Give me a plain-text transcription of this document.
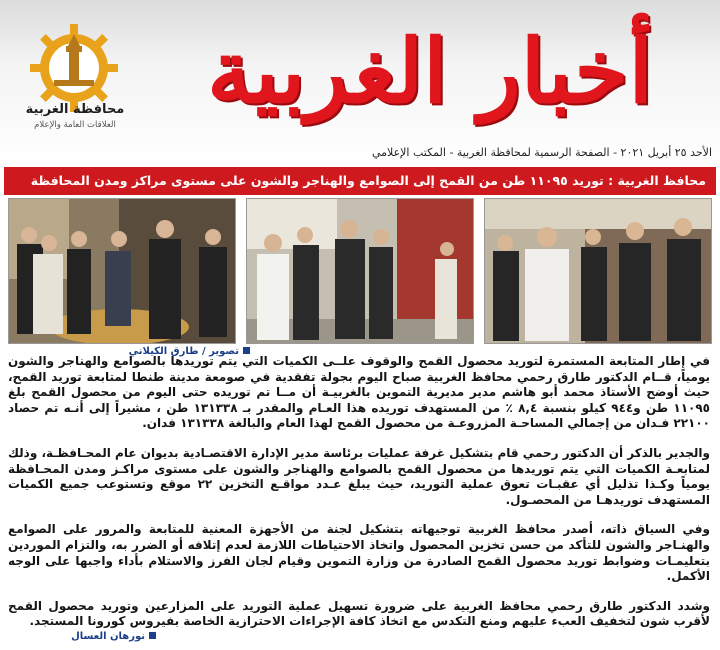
محافظة الغربية
العلاقات العامة والإعلام
أخبار الغربية
الأحد ٢٥ أبريل ٢٠٢١ - الصفحة الرسمية لمحافظة الغربية - المكتب الإعلامي
محافظ الغربية : توريد ١١٠٩٥ طن من القمح إلى الصوامع والهناجر والشون على مستوى مراكز ومدن المحافظة
تصوير / طارق الكيلاني

في إطار المتابعة المستمرة لتوريد محصول القمح والوقوف علــى الكميات التي يتم توريدها بالصوامع والهناجر والشون يومياً، قــام الدكتور طارق رحمي محافظ الغربية صباح اليوم بجولة تفقدية في صومعة مدينة طنطا لمتابعة توريد القمح، حيث أوضح الأستاذ محمد أبو هاشم مدير مديرية التموين بالغربيـة أن مــا تم توريده حتى اليوم من محصول القمح بلغ ١١٠٩٥ طن و٩٤٤ كيلو بنسبة ٨,٤ ٪ من المستهدف توريده هذا العـام والمقدر بـ ١٣١٣٣٨ طن ، مشيراً إلى أنـه تم حصاد ٢٢١٠٠ فـدان من إجمالي المساحـة المزروعـة من محصول القمح لهذا العام والبالغة ١٣١٣٣٨ فدان.

والجدير بالذكر أن الدكتور رحمي قام بتشكيل غرفة عمليات برئاسة مدير الإدارة الاقتصـادية بديوان عام المحـافظـة، وذلك لمتابعـة الكميات التي يتم توريدها من محصول القمح بالصوامع والهناجر والشون على مستوى مراكـز ومدن المحـافظة يومياً وكـذا تذليل أي عقبـات تعوق عملية التوريد، حيث يبلغ عـدد مواقـع التخزين ٢٢ موقع وتستوعب جميع الكميات المستهدف توريدهـا من المحصـول.

وفي السياق ذاته، أصدر محافظ الغربية توجيهاته بتشكيل لجنة من الأجهزة المعنية للمتابعة والمرور على الصوامع والهنـاجر والشون للتأكد من حسن تخزين المحصول واتخاذ الاحتياطات اللازمة لعدم إتلافه أو الضرر به، والتزام الموردين بتعليمـات وضوابط توريد محصول القمح الصادرة من وزارة التموين وقيام لجان الفرز والاستلام بأداء واجبها على الوجه الأكمل.

وشدد الدكتور طارق رحمي محافظ الغربية على ضرورة تسهيل عملية التوريد على المزارعين وتوريد محصول القمح لأقرب شون لتخفيف العبء عليهم ومنع التكدس مع اتخاذ كافة الإجراءات الاحترازية الخاصة بفيروس كورونا المستجد.

نورهان العسال
